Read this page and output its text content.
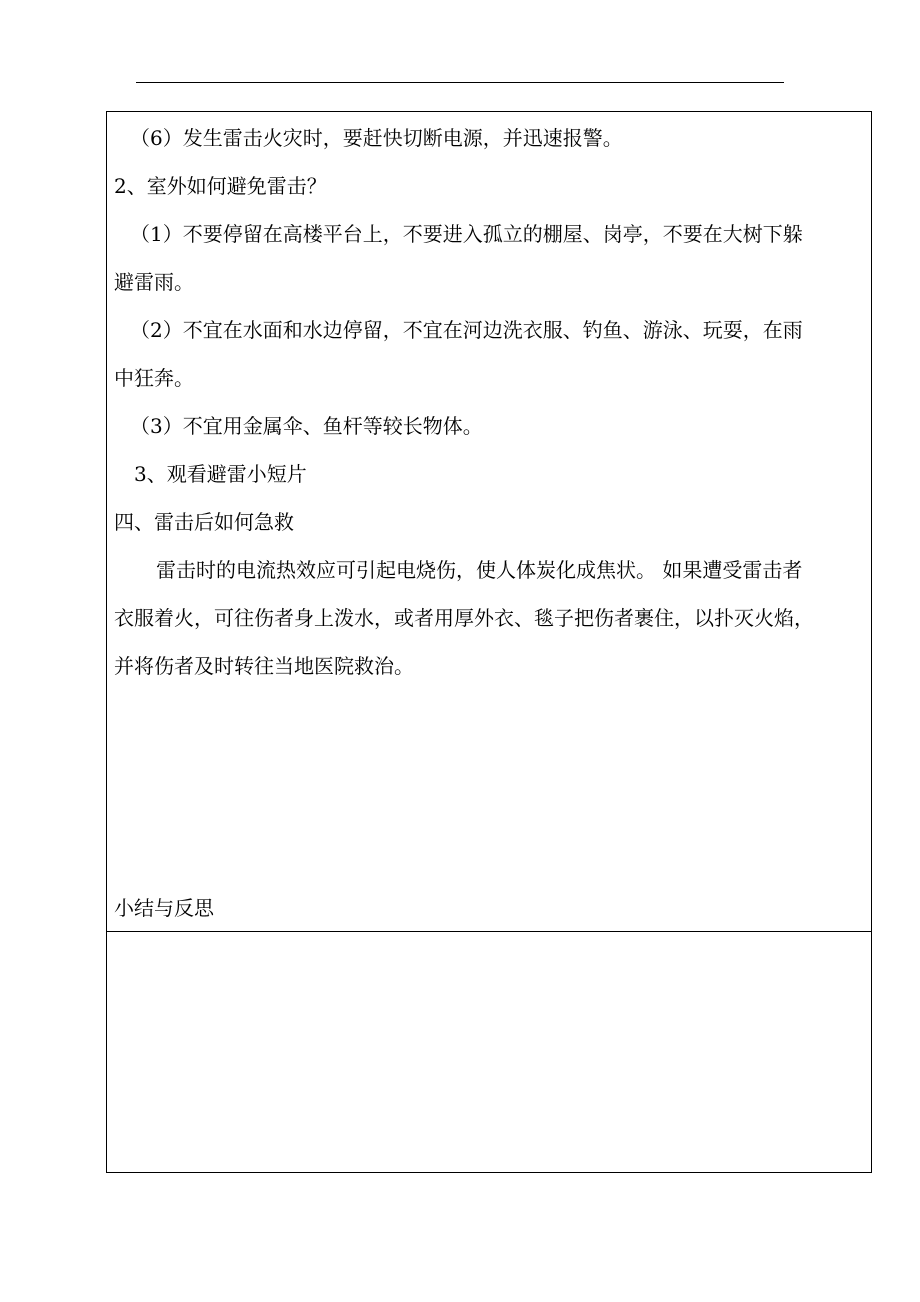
（6）发生雷击火灾时，要赶快切断电源，并迅速报警。
2、室外如何避免雷击？
（1）不要停留在高楼平台上，不要进入孤立的棚屋、岗亭，不要在大树下躲
避雷雨。
（2）不宜在水面和水边停留，不宜在河边洗衣服、钓鱼、游泳、玩耍，在雨
中狂奔。
（3）不宜用金属伞、鱼杆等较长物体。
3、观看避雷小短片
四、雷击后如何急救
雷击时的电流热效应可引起电烧伤，使人体炭化成焦状。 如果遭受雷击者
衣服着火，可往伤者身上泼水，或者用厚外衣、毯子把伤者裹住，以扑灭火焰，
并将伤者及时转往当地医院救治。
小结与反思
